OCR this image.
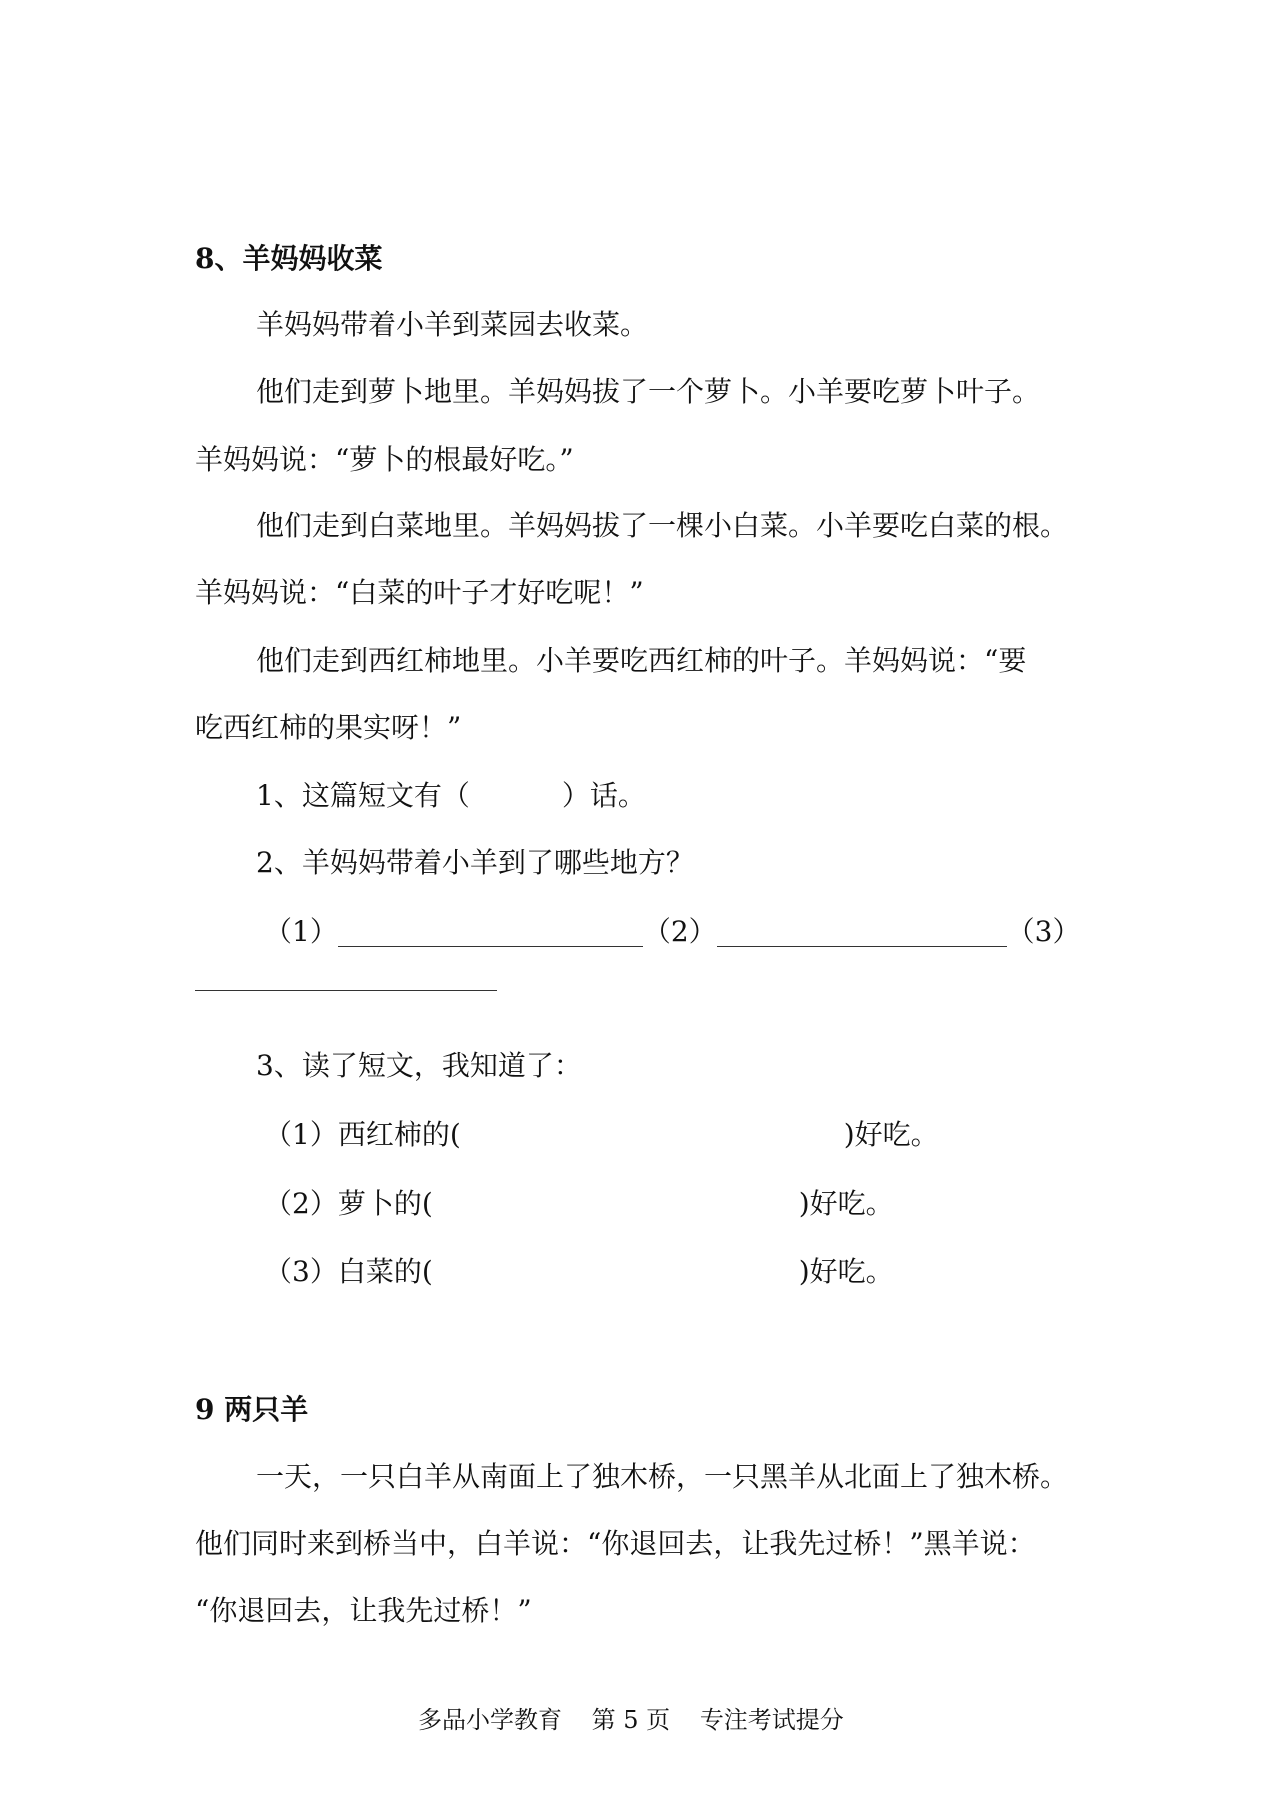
8、羊妈妈收菜
羊妈妈带着小羊到菜园去收菜。
他们走到萝卜地里。羊妈妈拔了一个萝卜。小羊要吃萝卜叶子。
羊妈妈说：“萝卜的根最好吃。”
他们走到白菜地里。羊妈妈拔了一棵小白菜。小羊要吃白菜的根。
羊妈妈说：“白菜的叶子才好吃呢！”
他们走到西红柿地里。小羊要吃西红柿的叶子。羊妈妈说：“要
吃西红柿的果实呀！”
1、这篇短文有（	）话。
2、羊妈妈带着小羊到了哪些地方？
（1）	（2）	（3）
3、读了短文，我知道了：
（1）西红柿的(	)好吃。
（2）萝卜的(	)好吃。
（3）白菜的(	)好吃。
9 两只羊
一天，一只白羊从南面上了独木桥，一只黑羊从北面上了独木桥。
他们同时来到桥当中，白羊说：“你退回去，让我先过桥！”黑羊说：
“你退回去，让我先过桥！”
多品小学教育 第 5 页 专注考试提分
